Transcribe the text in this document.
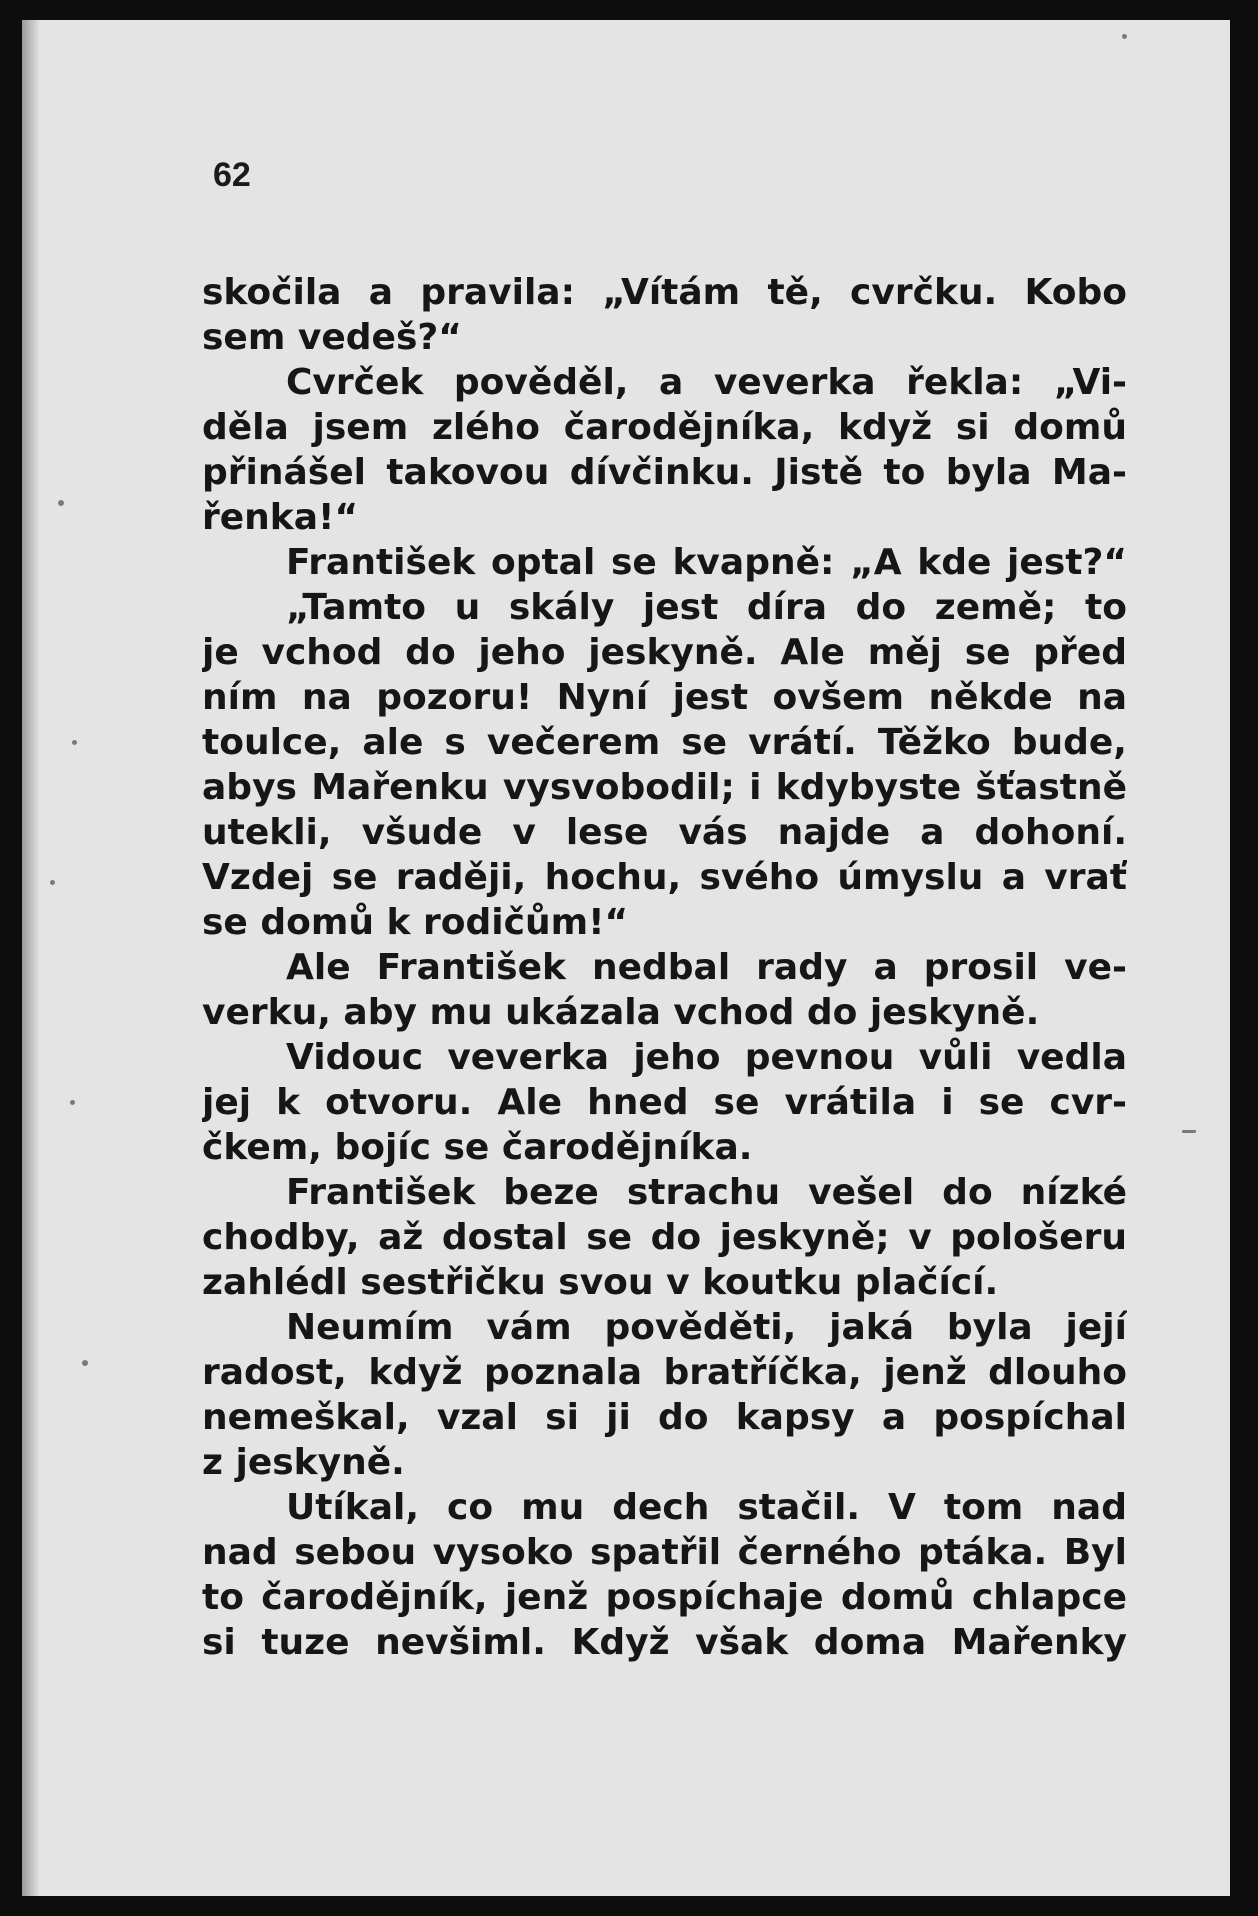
62

skočila a pravila: „Vítám tě, cvrčku. Kobo
sem vedeš?“
Cvrček pověděl, a veverka řekla: „Vi-
děla jsem zlého čarodějníka, když si domů
přinášel takovou dívčinku. Jistě to byla Ma-
řenka!“
František optal se kvapně: „A kde jest?“
„Tamto u skály jest díra do země; to
je vchod do jeho jeskyně. Ale měj se před
ním na pozoru! Nyní jest ovšem někde na
toulce, ale s večerem se vrátí. Těžko bude,
abys Mařenku vysvobodil; i kdybyste šťastně
utekli, všude v lese vás najde a dohoní.
Vzdej se raději, hochu, svého úmyslu a vrať
se domů k rodičům!“
Ale František nedbal rady a prosil ve-
verku, aby mu ukázala vchod do jeskyně.
Vidouc veverka jeho pevnou vůli vedla
jej k otvoru. Ale hned se vrátila i se cvr-
čkem, bojíc se čarodějníka.
František beze strachu vešel do nízké
chodby, až dostal se do jeskyně; v pološeru
zahlédl sestřičku svou v koutku plačící.
Neumím vám pověděti, jaká byla její
radost, když poznala bratříčka, jenž dlouho
nemeškal, vzal si ji do kapsy a pospíchal
z jeskyně.
Utíkal, co mu dech stačil. V tom nad
nad sebou vysoko spatřil černého ptáka. Byl
to čarodějník, jenž pospíchaje domů chlapce
si tuze nevšiml. Když však doma Mařenky
